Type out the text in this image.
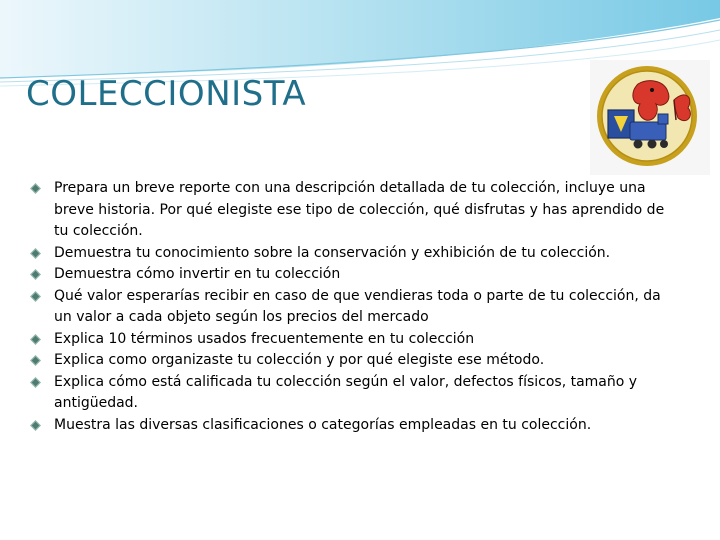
COLECCIONISTA
Prepara un breve reporte con una descripción detallada de tu colección, incluye una breve historia. Por qué elegiste ese tipo de colección, qué disfrutas y has aprendido de tu colección.
Demuestra tu conocimiento sobre la conservación y exhibición de tu colección.
Demuestra cómo invertir en tu colección
Qué valor esperarías recibir en caso de que vendieras toda o parte de tu colección, da un valor a cada objeto según los precios del mercado
Explica 10 términos usados frecuentemente en tu colección
Explica como organizaste tu colección y por qué elegiste ese método.
Explica cómo está calificada tu colección según el valor, defectos físicos, tamaño y antigüedad.
Muestra las diversas clasificaciones o categorías empleadas en tu colección.
